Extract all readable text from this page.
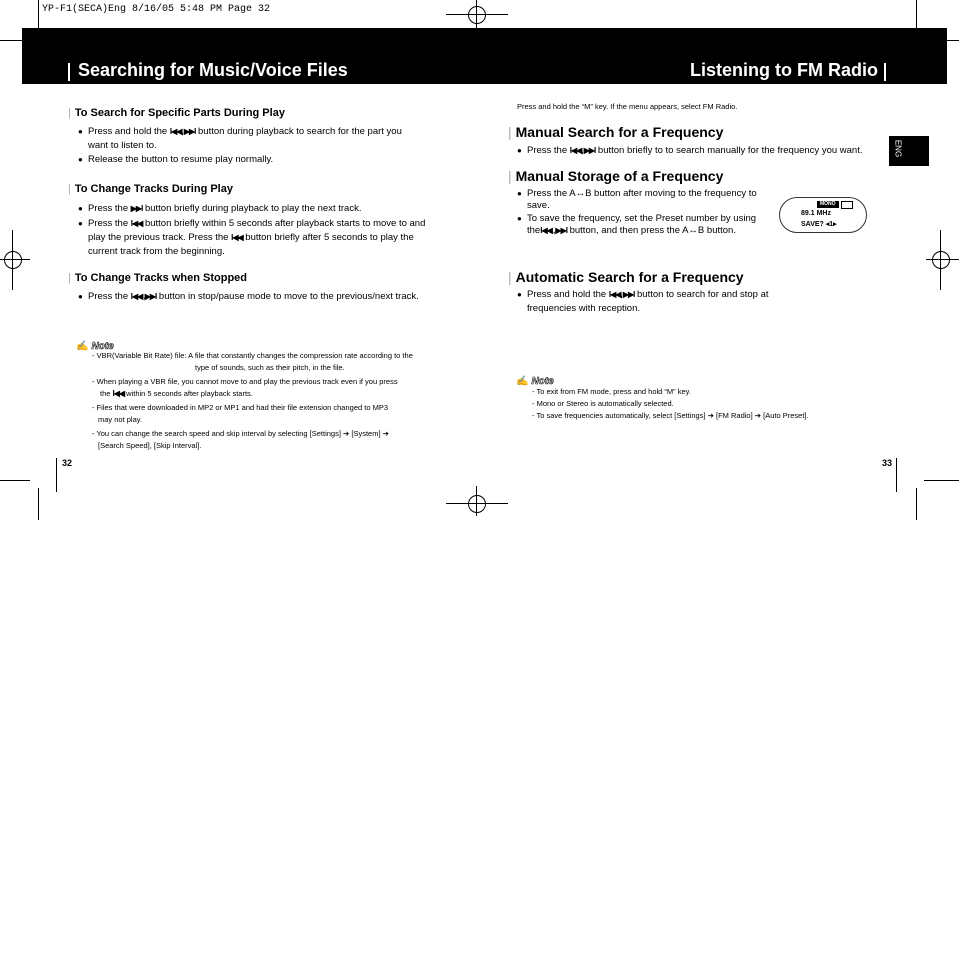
YP-F1(SECA)Eng 8/16/05 5:48 PM Page 32
Searching for Music/Voice Files	Listening to FM Radio
| To Search for Specific Parts During Play
● Press and hold the I◀◀, ▶▶I button during playback to search for the part you
want to listen to.
● Release the button to resume play normally.
| To Change Tracks During Play
● Press the ▶▶I button briefly during playback to play the next track.
● Press the I◀◀ button briefly within 5 seconds after playback starts to move to and
play the previous track. Press the I◀◀ button briefly after 5 seconds to play the
current track from the beginning.
| To Change Tracks when Stopped
● Press the I◀◀ ,▶▶I button in stop/pause mode to move to the previous/next track.
✍ Note
- VBR(Variable Bit Rate) file: A file that constantly changes the compression rate according to the
type of sounds, such as their pitch, in the file.
- When playing a VBR file, you cannot move to and play the previous track even if you press
the I◀◀ within 5 seconds after playback starts.
- Files that were downloaded in MP2 or MP1 and had their file extension changed to MP3
may not play.
- You can change the search speed and skip interval by selecting [Settings] ➔ [System] ➔
[Search Speed], [Skip Interval].
32
Press and hold the “M” key. If the menu appears, select FM Radio.
| Manual Search for a Frequency
● Press the I◀◀, ▶▶I button briefly to to search manually for the frequency you want.
| Manual Storage of a Frequency
● Press the A↔B button after moving to the frequency to
save.
● To save the frequency, set the Preset number by using
theI◀◀ , ▶▶I button, and then press the A↔B button.
MONO
89.1 MHz
SAVE? ◂1▸
| Automatic Search for a Frequency
● Press and hold the I◀◀, ▶▶I button to search for and stop at
frequencies with reception.
✍ Note
- To exit from FM mode, press and hold “M” key.
- Mono or Stereo is automatically selected.
- To save frequencies automatically, select [Settings] ➔ [FM Radio] ➔ [Auto Preset].
ENG
33
